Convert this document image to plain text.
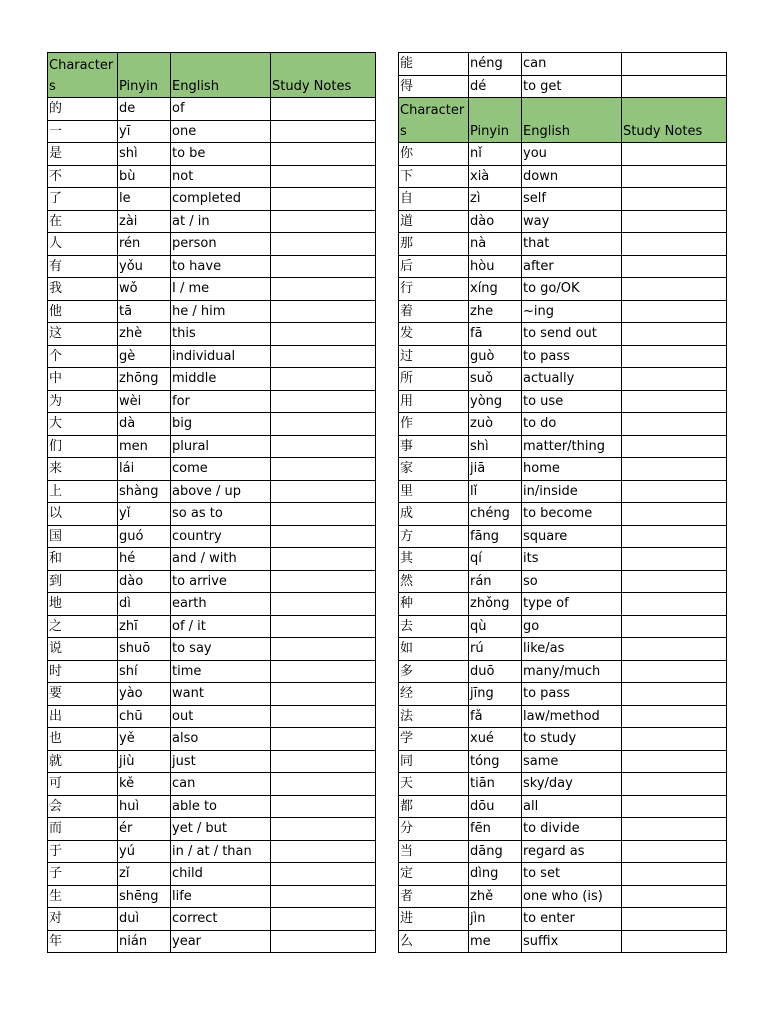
Characters	Pinyin	English	Study Notes
的	de	of	
一	yī	one	
是	shì	to be	
不	bù	not	
了	le	completed	
在	zài	at / in	
人	rén	person	
有	yǒu	to have	
我	wǒ	I / me	
他	tā	he / him	
这	zhè	this	
个	gè	individual	
中	zhōng	middle	
为	wèi	for	
大	dà	big	
们	men	plural	
来	lái	come	
上	shàng	above / up	
以	yǐ	so as to	
国	guó	country	
和	hé	and / with	
到	dào	to arrive	
地	dì	earth	
之	zhī	of / it	
说	shuō	to say	
时	shí	time	
要	yào	want	
出	chū	out	
也	yě	also	
就	jiù	just	
可	kě	can	
会	huì	able to	
而	ér	yet / but	
于	yú	in / at / than	
子	zǐ	child	
生	shēng	life	
对	duì	correct	
年	nián	year	
能	néng	can	
得	dé	to get	
Characters	Pinyin	English	Study Notes
你	nǐ	you	
下	xià	down	
自	zì	self	
道	dào	way	
那	nà	that	
后	hòu	after	
行	xíng	to go/OK	
着	zhe	~ing	
发	fā	to send out	
过	guò	to pass	
所	suǒ	actually	
用	yòng	to use	
作	zuò	to do	
事	shì	matter/thing	
家	jiā	home	
里	lǐ	in/inside	
成	chéng	to become	
方	fāng	square	
其	qí	its	
然	rán	so	
种	zhǒng	type of	
去	qù	go	
如	rú	like/as	
多	duō	many/much	
经	jīng	to pass	
法	fǎ	law/method	
学	xué	to study	
同	tóng	same	
天	tiān	sky/day	
都	dōu	all	
分	fēn	to divide	
当	dāng	regard as	
定	dìng	to set	
者	zhě	one who (is)	
进	jìn	to enter	
么	me	suffix	
